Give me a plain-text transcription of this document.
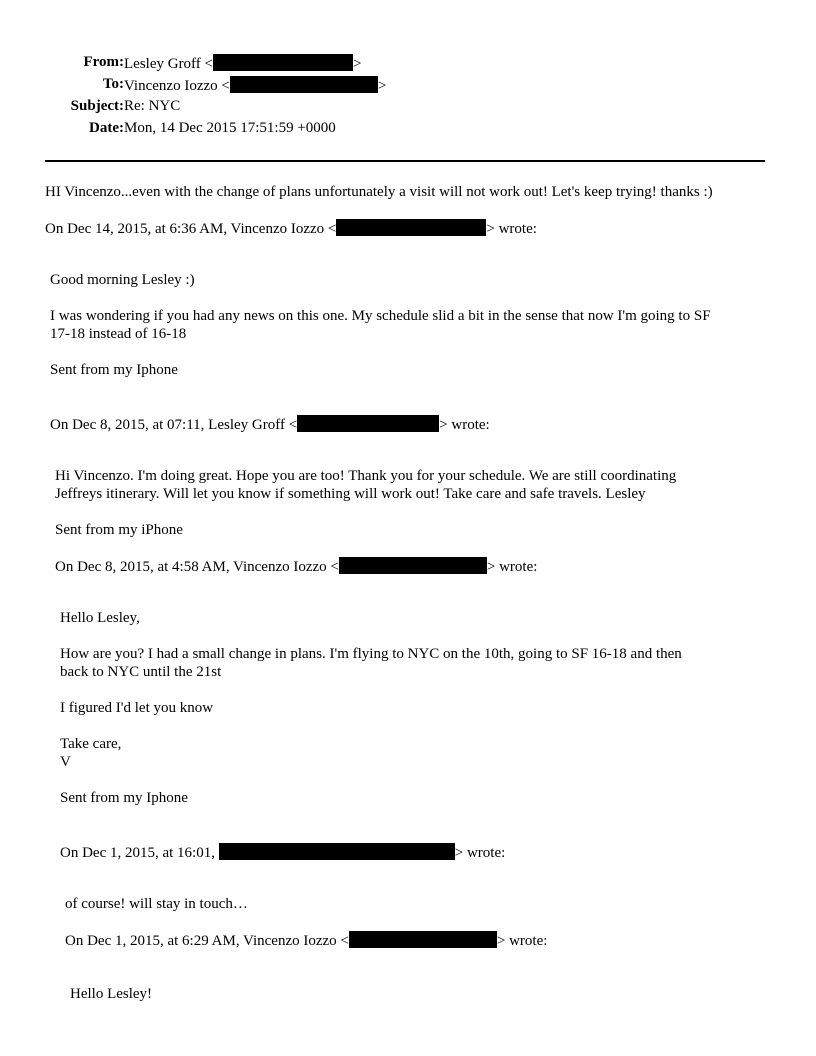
From: Lesley Groff <	>
To: Vincenzo Iozzo <	>
Subject: Re: NYC
Date: Mon, 14 Dec 2015 17:51:59 +0000
HI Vincenzo...even with the change of plans unfortunately a visit will not work out! Let's keep trying! thanks :)
On Dec 14, 2015, at 6:36 AM, Vincenzo Iozzo <	> wrote:
Good morning Lesley :)
I was wondering if you had any news on this one. My schedule slid a bit in the sense that now I'm going to SF
17-18 instead of 16-18
Sent from my Iphone
On Dec 8, 2015, at 07:11, Lesley Groff <	> wrote:
Hi Vincenzo. I'm doing great. Hope you are too! Thank you for your schedule. We are still coordinating
Jeffreys itinerary. Will let you know if something will work out! Take care and safe travels. Lesley
Sent from my iPhone
On Dec 8, 2015, at 4:58 AM, Vincenzo Iozzo <	> wrote:
Hello Lesley,
How are you? I had a small change in plans. I'm flying to NYC on the 10th, going to SF 16-18 and then
back to NYC until the 21st
I figured I'd let you know
Take care,
V
Sent from my Iphone
On Dec 1, 2015, at 16:01,	> wrote:
of course! will stay in touch…
On Dec 1, 2015, at 6:29 AM, Vincenzo Iozzo <	> wrote:
Hello Lesley!
